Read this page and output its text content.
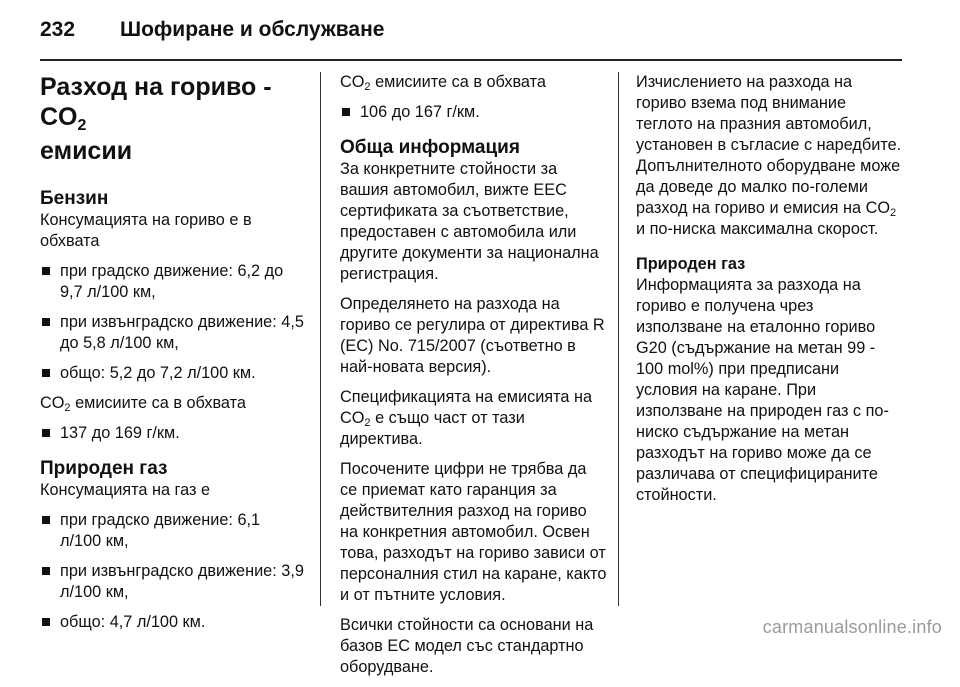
232 Шофиране и обслужване
Разход на гориво - $CO_2$
емисии
Бензин

Консумацията на гориво е в обхвата

при градско движение: 6,2 до 9,7 л/100 км,
при извънградско движение: 4,5 до 5,8 л/100 км,
общо: 5,2 до 7,2 л/100 км.

$CO_2$ емисиите са в обхвата

137 до 169 г/км.
Природен газ

Консумацията на газ е

при градско движение: 6,1 л/100 км,
при извънградско движение: 3,9 л/100 км,
общо: 4,7 л/100 км.

$CO_2$ емисиите са в обхвата

106 до 167 г/км.
Обща информация

За конкретните стойности за вашия автомобил, вижте ЕЕС сертификата за съответствие, предоставен с автомобила или другите документи за национална регистрация.

Определянето на разхода на гориво се регулира от директива R (EC) No. 715/2007 (съответно в най-новата версия).

Спецификацията на емисията на $CO_2$ е също част от тази директива.

Посочените цифри не трябва да се приемат като гаранция за действителния разход на гориво на конкретния автомобил. Освен това, разходът на гориво зависи от персоналния стил на каране, както и от пътните условия.

Всички стойности са основани на базов ЕС модел със стандартно оборудване.

Изчислението на разхода на гориво взема под внимание теглото на празния автомобил, установен в съгласие с наредбите. Допълнителното оборудване може да доведе до малко по-големи разход на гориво и емисия на $CO_2$ и по-ниска максимална скорост.

Природен газ

Информацията за разхода на гориво е получена чрез използване на еталонно гориво G20 (съдържание на метан 99 - 100 mol%) при предписани условия на каране. При използване на природен газ с по-ниско съдържание на метан разходът на гориво може да се различава от специфицираните стойности.

carmanualsonline.info
